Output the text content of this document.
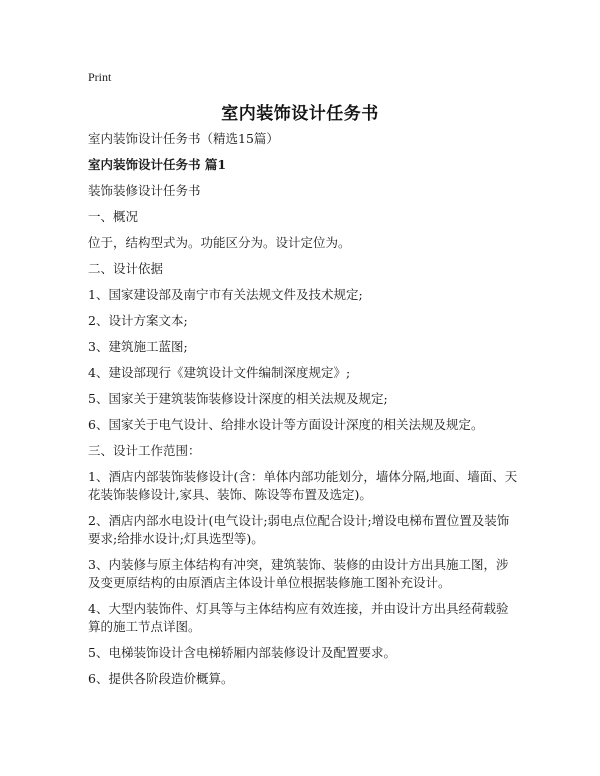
Print
室内装饰设计任务书

室内装饰设计任务书（精选15篇）

室内装饰设计任务书 篇1

装饰装修设计任务书

一、概况

位于，结构型式为。功能区分为。设计定位为。

二、设计依据

1、国家建设部及南宁市有关法规文件及技术规定;

2、设计方案文本;

3、建筑施工蓝图;

4、建设部现行《建筑设计文件编制深度规定》;

5、国家关于建筑装饰装修设计深度的相关法规及规定;

6、国家关于电气设计、给排水设计等方面设计深度的相关法规及规定。

三、设计工作范围：

1、酒店内部装饰装修设计(含：单体内部功能划分，墙体分隔,地面、墙面、天花装饰装修设计,家具、装饰、陈设等布置及选定)。

2、酒店内部水电设计(电气设计;弱电点位配合设计;增设电梯布置位置及装饰要求;给排水设计;灯具选型等)。

3、内装修与原主体结构有冲突，建筑装饰、装修的由设计方出具施工图，涉及变更原结构的由原酒店主体设计单位根据装修施工图补充设计。

4、大型内装饰件、灯具等与主体结构应有效连接，并由设计方出具经荷载验算的施工节点详图。

5、电梯装饰设计含电梯轿厢内部装修设计及配置要求。

6、提供各阶段造价概算。
